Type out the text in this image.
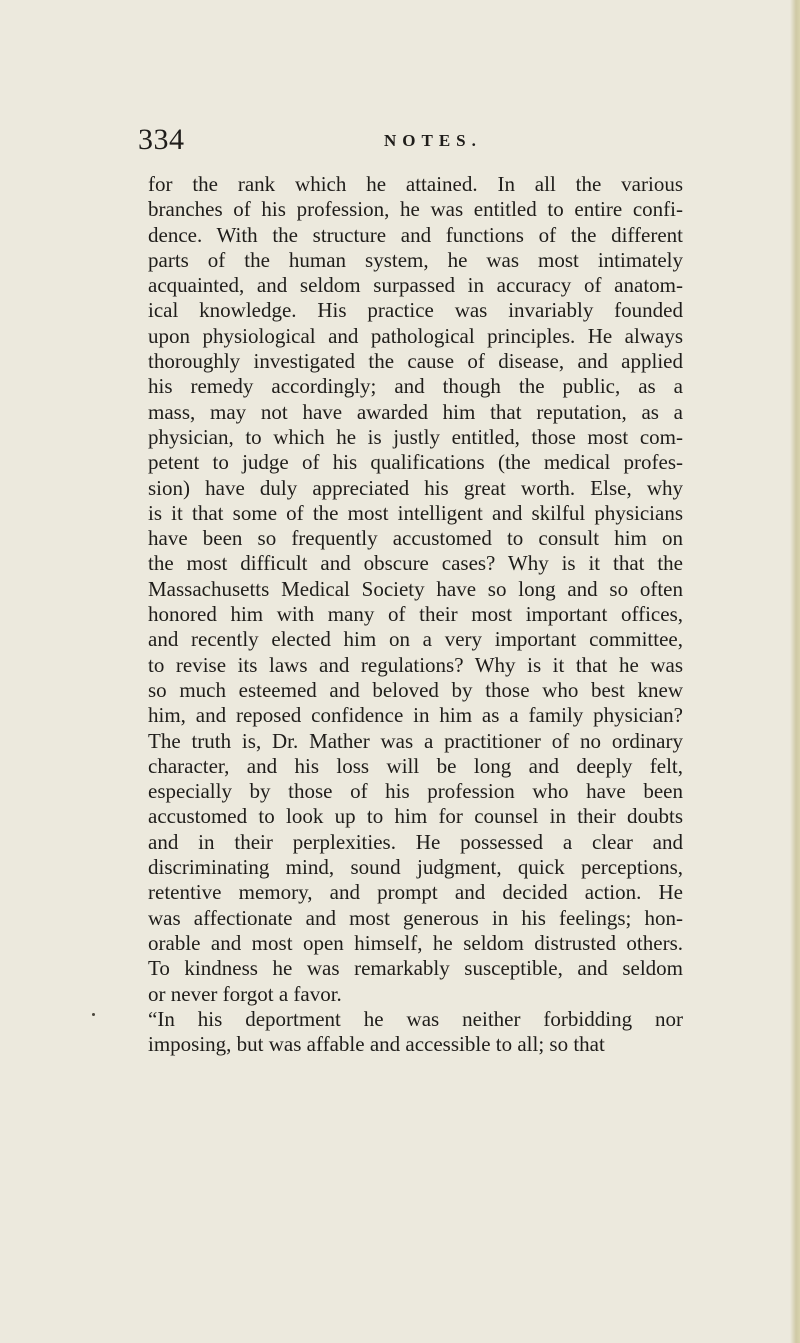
334	NOTES.
for the rank which he attained. In all the various
branches of his profession, he was entitled to entire confi-
dence. With the structure and functions of the different
parts of the human system, he was most intimately
acquainted, and seldom surpassed in accuracy of anatom-
ical knowledge. His practice was invariably founded
upon physiological and pathological principles. He always
thoroughly investigated the cause of disease, and applied
his remedy accordingly; and though the public, as a
mass, may not have awarded him that reputation, as a
physician, to which he is justly entitled, those most com-
petent to judge of his qualifications (the medical profes-
sion) have duly appreciated his great worth. Else, why
is it that some of the most intelligent and skilful physicians
have been so frequently accustomed to consult him on
the most difficult and obscure cases? Why is it that the
Massachusetts Medical Society have so long and so often
honored him with many of their most important offices,
and recently elected him on a very important committee,
to revise its laws and regulations? Why is it that he was
so much esteemed and beloved by those who best knew
him, and reposed confidence in him as a family physician?
The truth is, Dr. Mather was a practitioner of no ordinary
character, and his loss will be long and deeply felt,
especially by those of his profession who have been
accustomed to look up to him for counsel in their doubts
and in their perplexities. He possessed a clear and
discriminating mind, sound judgment, quick perceptions,
retentive memory, and prompt and decided action. He
was affectionate and most generous in his feelings; hon-
orable and most open himself, he seldom distrusted others.
To kindness he was remarkably susceptible, and seldom
or never forgot a favor.
“In his deportment he was neither forbidding nor
imposing, but was affable and accessible to all; so that
